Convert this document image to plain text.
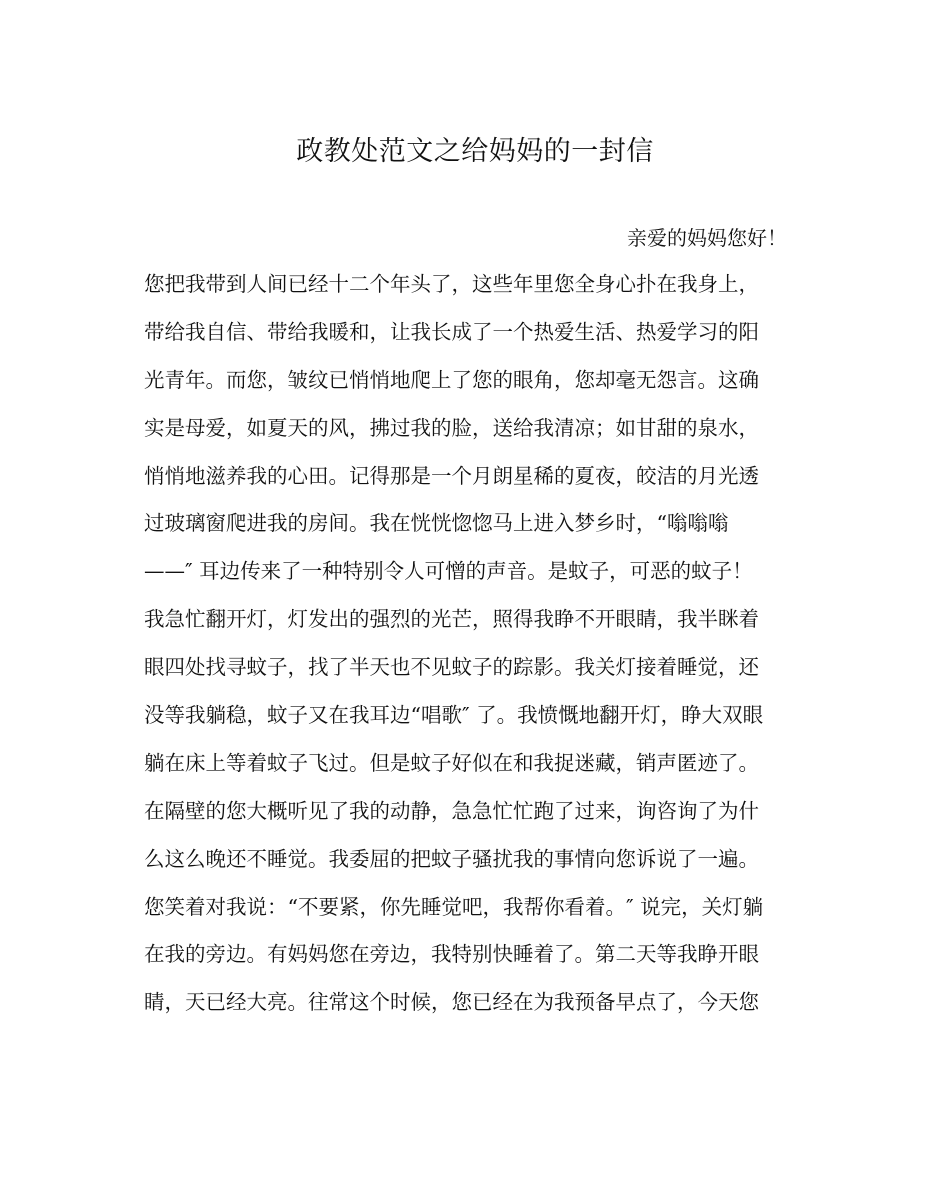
政教处范文之给妈妈的一封信
亲爱的妈妈您好！
您把我带到人间已经十二个年头了，这些年里您全身心扑在我身上，
带给我自信、带给我暖和，让我长成了一个热爱生活、热爱学习的阳
光青年。而您，皱纹已悄悄地爬上了您的眼角，您却毫无怨言。这确
实是母爱，如夏天的风，拂过我的脸，送给我清凉；如甘甜的泉水，
悄悄地滋养我的心田。记得那是一个月朗星稀的夏夜，皎洁的月光透
过玻璃窗爬进我的房间。我在恍恍惚惚马上进入梦乡时，“嗡嗡嗡
——″ 耳边传来了一种特别令人可憎的声音。是蚊子，可恶的蚊子！
我急忙翻开灯，灯发出的强烈的光芒，照得我睁不开眼睛，我半眯着
眼四处找寻蚊子，找了半天也不见蚊子的踪影。我关灯接着睡觉，还
没等我躺稳，蚊子又在我耳边“唱歌″ 了。我愤慨地翻开灯，睁大双眼
躺在床上等着蚊子飞过。但是蚊子好似在和我捉迷藏，销声匿迹了。
在隔壁的您大概听见了我的动静，急急忙忙跑了过来，询咨询了为什
么这么晚还不睡觉。我委屈的把蚊子骚扰我的事情向您诉说了一遍。
您笑着对我说：“不要紧，你先睡觉吧，我帮你看着。″ 说完，关灯躺
在我的旁边。有妈妈您在旁边，我特别快睡着了。第二天等我睁开眼
睛，天已经大亮。往常这个时候，您已经在为我预备早点了，今天您
